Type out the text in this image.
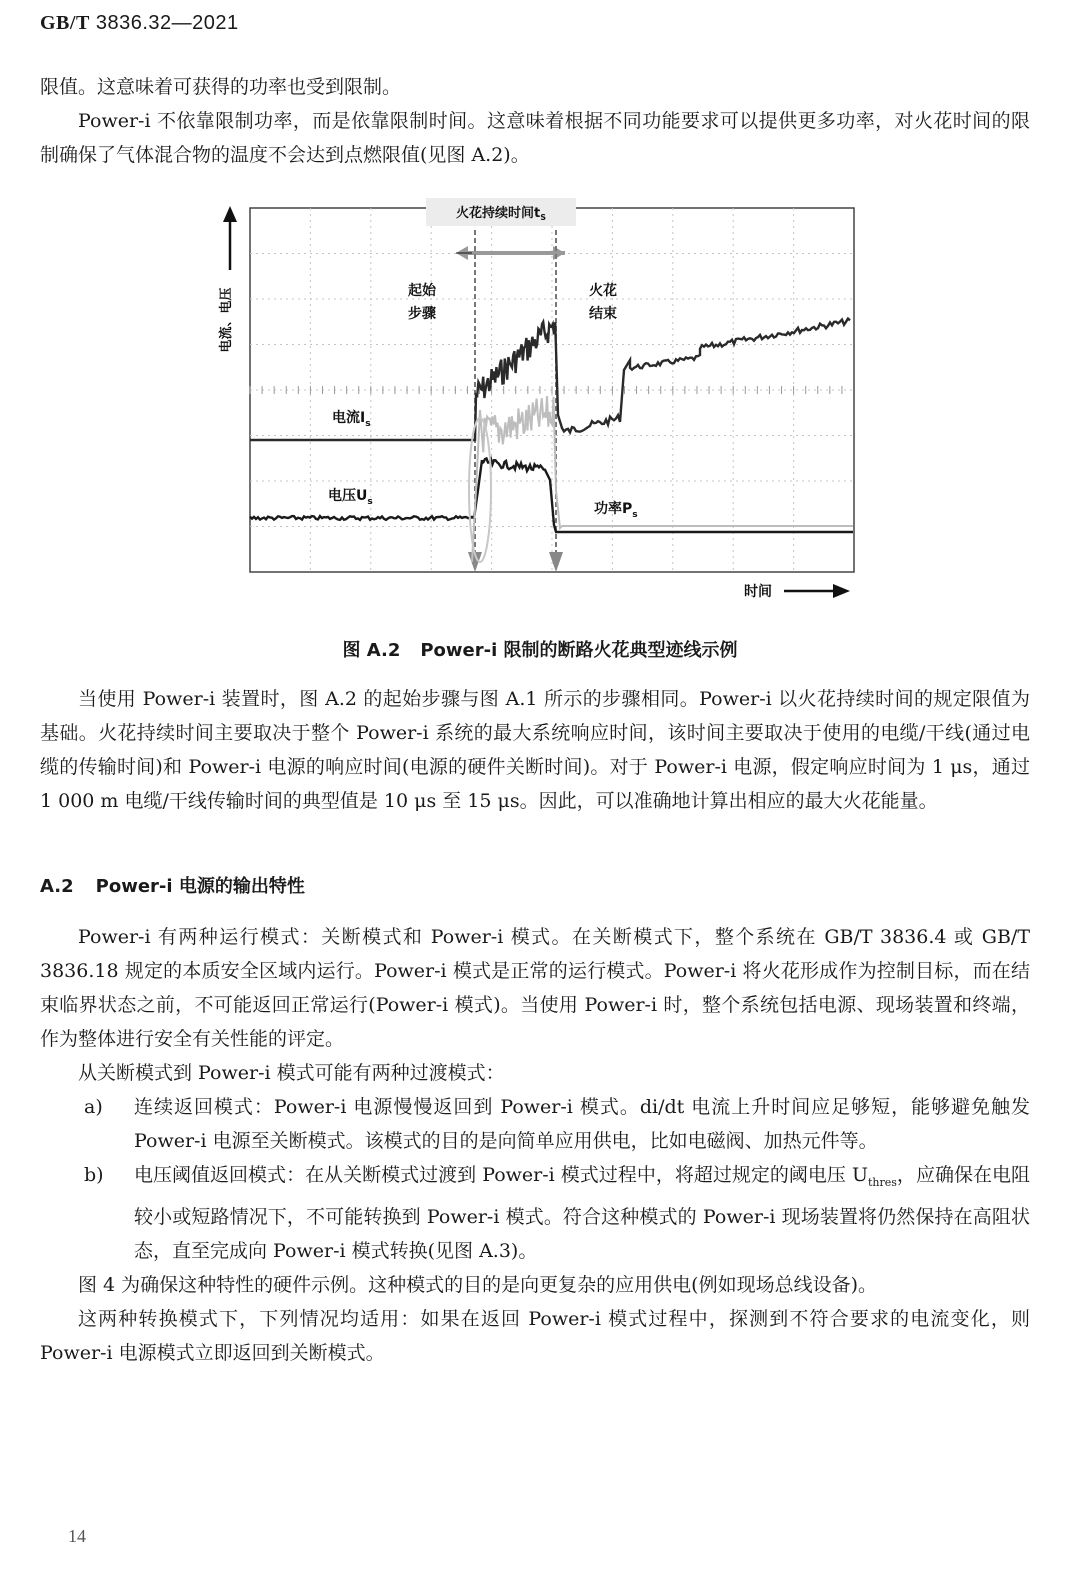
GB/T 3836.32—2021

限值。这意味着可获得的功率也受到限制。

Power-i 不依靠限制功率，而是依靠限制时间。这意味着根据不同功能要求可以提供更多功率，对火花时间的限制确保了气体混合物的温度不会达到点燃限值(见图 A.2)。

电流、电压
火花持续时间$t_S$
起始
步骤
火花
结束
电流$I_s$
电压$U_s$	功率$P_s$
时间
图 A.2 Power-i 限制的断路火花典型迹线示例

当使用 Power-i 装置时，图 A.2 的起始步骤与图 A.1 所示的步骤相同。Power-i 以火花持续时间的规定限值为基础。火花持续时间主要取决于整个 Power-i 系统的最大系统响应时间，该时间主要取决于使用的电缆/干线(通过电缆的传输时间)和 Power-i 电源的响应时间(电源的硬件关断时间)。对于 Power-i 电源，假定响应时间为 1 μs，通过 1 000 m 电缆/干线传输时间的典型值是 10 μs 至 15 μs。因此，可以准确地计算出相应的最大火花能量。

A.2 Power-i 电源的输出特性

Power-i 有两种运行模式：关断模式和 Power-i 模式。在关断模式下，整个系统在 GB/T 3836.4 或 GB/T 3836.18 规定的本质安全区域内运行。Power-i 模式是正常的运行模式。Power-i 将火花形成作为控制目标，而在结束临界状态之前，不可能返回正常运行(Power-i 模式)。当使用 Power-i 时，整个系统包括电源、现场装置和终端，作为整体进行安全有关性能的评定。

从关断模式到 Power-i 模式可能有两种过渡模式：

a)	连续返回模式：Power-i 电源慢慢返回到 Power-i 模式。di/dt 电流上升时间应足够短，能够避免触发 Power-i 电源至关断模式。该模式的目的是向简单应用供电，比如电磁阀、加热元件等。
b)	电压阈值返回模式：在从关断模式过渡到 Power-i 模式过程中，将超过规定的阈电压 $U_{thres}$，应确保在电阻较小或短路情况下，不可能转换到 Power-i 模式。符合这种模式的 Power-i 现场装置将仍然保持在高阻状态，直至完成向 Power-i 模式转换(见图 A.3)。

图 4 为确保这种特性的硬件示例。这种模式的目的是向更复杂的应用供电(例如现场总线设备)。

这两种转换模式下，下列情况均适用：如果在返回 Power-i 模式过程中，探测到不符合要求的电流变化，则 Power-i 电源模式立即返回到关断模式。

14
